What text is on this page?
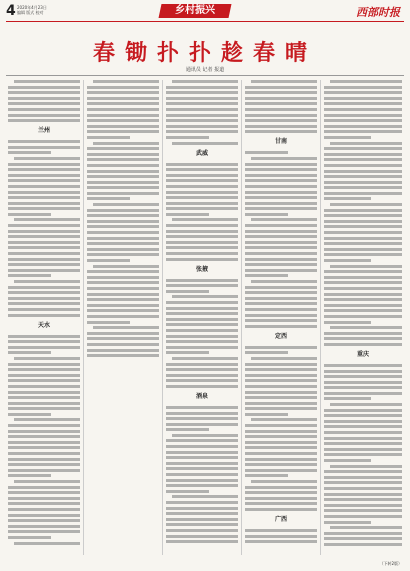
4 2020年4月23日
编辑 版式 校对	乡村振兴	西部时报
春锄扑扑趁春晴
通讯员 记者 报道
兰州
天水
武威
张掖
酒泉
甘南
定西
广西
重庆
（下转2版）
